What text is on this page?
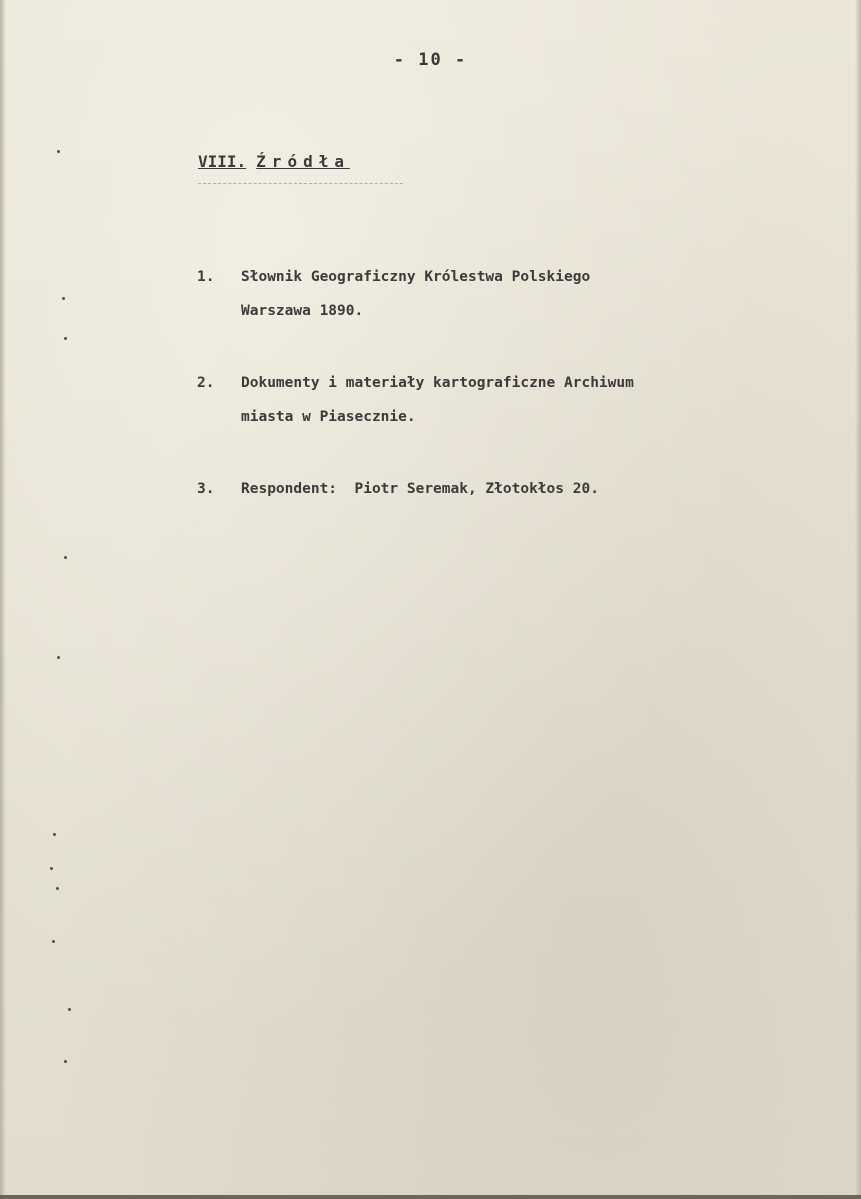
- 10 -
VIII. Źródła
1.	Słownik Geograficzny Królestwa Polskiego
Warszawa 1890.
2.	Dokumenty i materiały kartograficzne Archiwum
miasta w Piasecznie.
3.	Respondent:  Piotr Seremak, Złotokłos 20.
